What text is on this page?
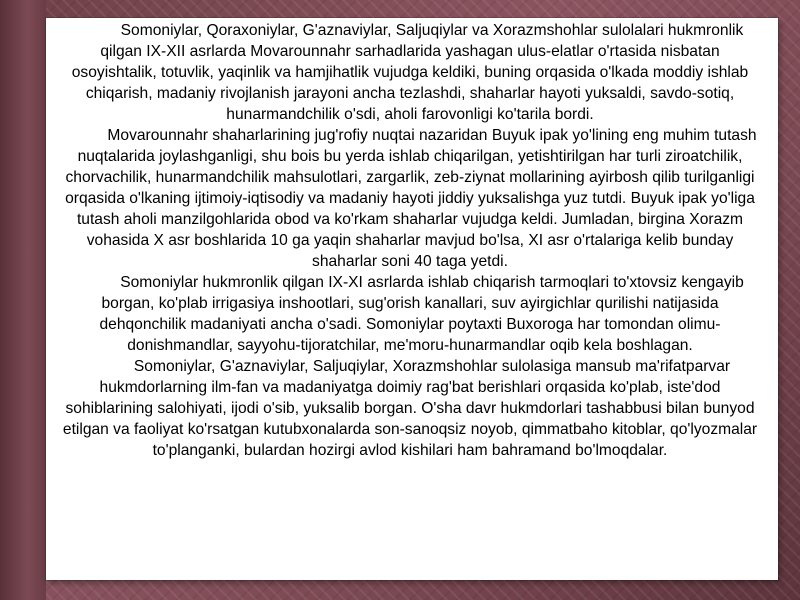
Somoniylar, Qoraxoniylar, G'aznaviylar, Saljuqiylar va Xorazmshohlar sulolalari hukmronlik qilgan IX-XII asrlarda Movarounnahr sarhadlarida yashagan ulus-elatlar o'rtasida nisbatan osoyishtalik, totuvlik, yaqinlik va hamjihatlik vujudga keldiki, buning orqasida o'lkada moddiy ishlab chiqarish, madaniy rivojlanish jarayoni ancha tezlashdi, shaharlar hayoti yuksaldi, savdo-sotiq, hunarmandchilik o'sdi, aholi farovonligi ko'tarila bordi.

Movarounnahr shaharlarining jug'rofiy nuqtai nazaridan Buyuk ipak yo'lining eng muhim tutash nuqtalarida joylashganligi, shu bois bu yerda ishlab chiqarilgan, yetishtirilgan har turli ziroatchilik, chorvachilik, hunarmandchilik mahsulotlari, zargarlik, zeb-ziynat mollarining ayirbosh qilib turilganligi orqasida o'lkaning ijtimoiy-iqtisodiy va madaniy hayoti jiddiy yuksalishga yuz tutdi. Buyuk ipak yo'liga tutash aholi manzilgohlarida obod va ko'rkam shaharlar vujudga keldi. Jumladan, birgina Xorazm vohasida X asr boshlarida 10 ga yaqin shaharlar mavjud bo'lsa, XI asr o'rtalariga kelib bunday shaharlar soni 40 taga yetdi.

Somoniylar hukmronlik qilgan IX-XI asrlarda ishlab chiqarish tarmoqlari to'xtovsiz kengayib borgan, ko'plab irrigasiya inshootlari, sug'orish kanallari, suv ayirgichlar qurilishi natijasida dehqonchilik madaniyati ancha o'sadi. Somoniylar poytaxti Buxoroga har tomondan olimu-donishmandlar, sayyohu-tijoratchilar, me'moru-hunarmandlar oqib kela boshlagan.

Somoniylar, G'aznaviylar, Saljuqiylar, Xorazmshohlar sulolasiga mansub ma'rifatparvar hukmdorlarning ilm-fan va madaniyatga doimiy rag'bat berishlari orqasida ko'plab, iste'dod sohiblarining salohiyati, ijodi o'sib, yuksalib borgan. O'sha davr hukmdorlari tashabbusi bilan bunyod etilgan va faoliyat ko'rsatgan kutubxonalarda son-sanoqsiz noyob, qimmatbaho kitoblar, qo'lyozmalar to'planganki, bulardan hozirgi avlod kishilari ham bahramand bo'lmoqdalar.
